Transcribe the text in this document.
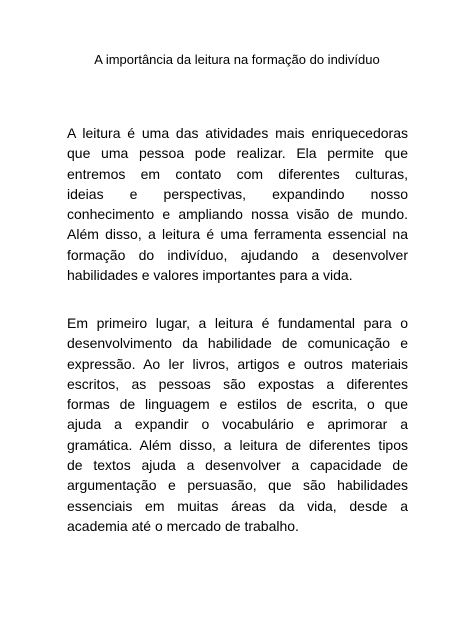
A importância da leitura na formação do indivíduo

A leitura é uma das atividades mais enriquecedoras
que uma pessoa pode realizar. Ela permite que
entremos em contato com diferentes culturas,
ideias e perspectivas, expandindo nosso
conhecimento e ampliando nossa visão de mundo.
Além disso, a leitura é uma ferramenta essencial na
formação do indivíduo, ajudando a desenvolver
habilidades e valores importantes para a vida.

Em primeiro lugar, a leitura é fundamental para o
desenvolvimento da habilidade de comunicação e
expressão. Ao ler livros, artigos e outros materiais
escritos, as pessoas são expostas a diferentes
formas de linguagem e estilos de escrita, o que
ajuda a expandir o vocabulário e aprimorar a
gramática. Além disso, a leitura de diferentes tipos
de textos ajuda a desenvolver a capacidade de
argumentação e persuasão, que são habilidades
essenciais em muitas áreas da vida, desde a
academia até o mercado de trabalho.
